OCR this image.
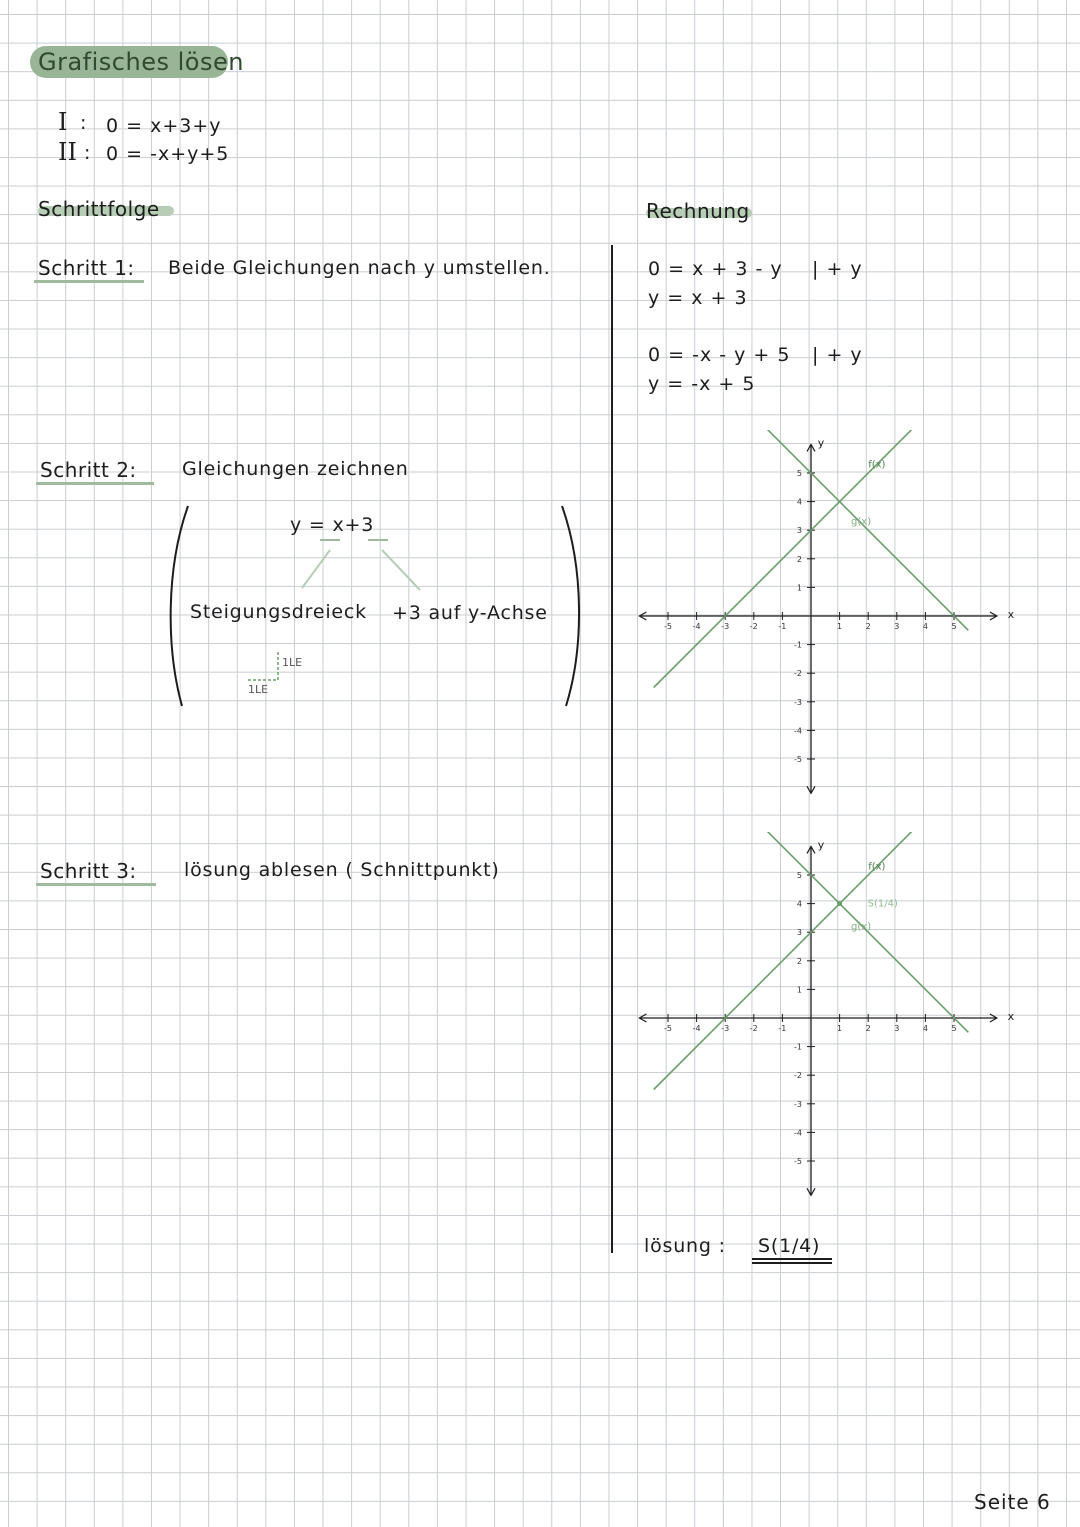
Grafisches lösen
I : 0 = x+3+y
II : 0 = -x+y+5
Schrittfolge	Rechnung
Schritt 1: Beide Gleichungen nach y umstellen.	0 = x + 3 - y | + y
y = x + 3
0 = -x - y + 5 | + y
y = -x + 5
Schritt 2: Gleichungen zeichnen
y = x+3
Steigungsdreieck +3 auf y-Achse
1LE
1LE
Schritt 3: lösung ablesen ( Schnittpunkt)
x
y
-5	-4	-3	-2	-1	1	2	3	4	5
5
4
3
2
1
-1
-2
-3
-4
-5
f(x)
g(x)
x
y
-5	-4	-3	-2	-1	1	2	3	4	5
5
4
3
2
1
-1
-2
-3
-4
-5
f(x)
g(x)
S(1/4)
lösung : S(1/4)
Seite 6
